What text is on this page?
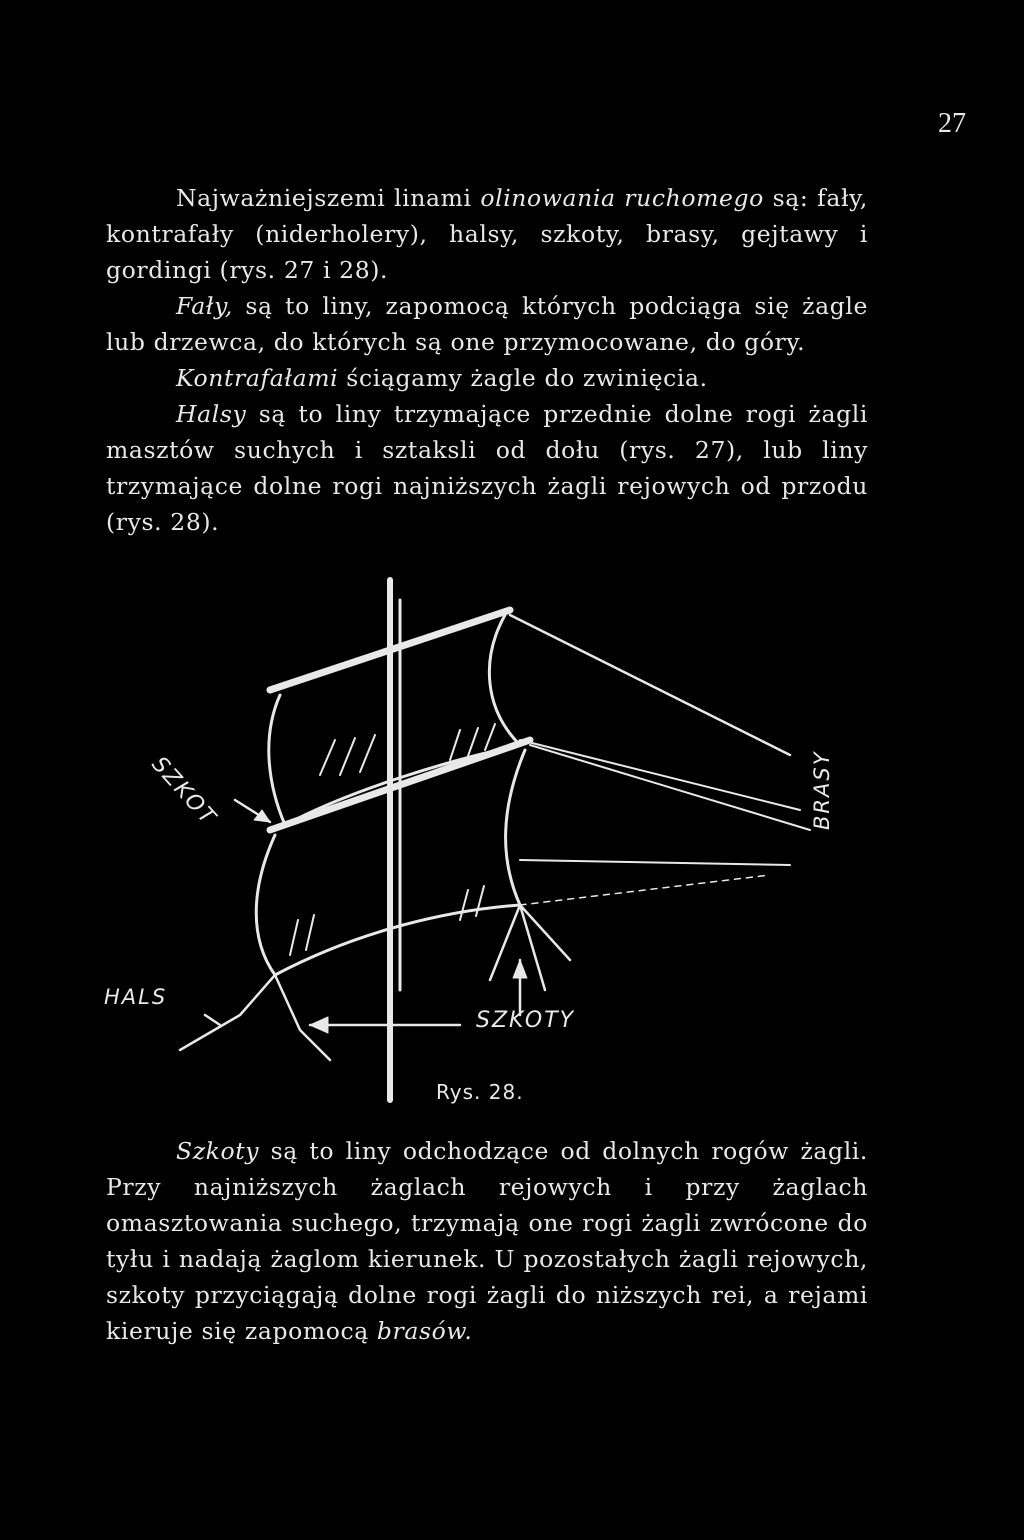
27

Najważniejszemi linami olinowania ruchomego są: fały, kontrafały (niderholery), halsy, szkoty, brasy, gejtawy i gordingi (rys. 27 i 28).

Fały, są to liny, zapomocą których podciąga się żagle lub drzewca, do których są one przymocowane, do góry.

Kontrafałami ściągamy żagle do zwinięcia.

Halsy są to liny trzymające przednie dolne rogi żagli masztów suchych i sztaksli od dołu (rys. 27), lub liny trzymające dolne rogi najniższych żagli rejowych od przodu (rys. 28).

SZKOT
HALS
SZKOTY
BRASY
Rys. 28.

Szkoty są to liny odchodzące od dolnych rogów żagli. Przy najniższych żaglach rejowych i przy żaglach omasztowania suchego, trzymają one rogi żagli zwrócone do tyłu i nadają żaglom kierunek. U pozostałych żagli rejowych, szkoty przyciągają dolne rogi żagli do niższych rei, a rejami kieruje się zapomocą brasów.
